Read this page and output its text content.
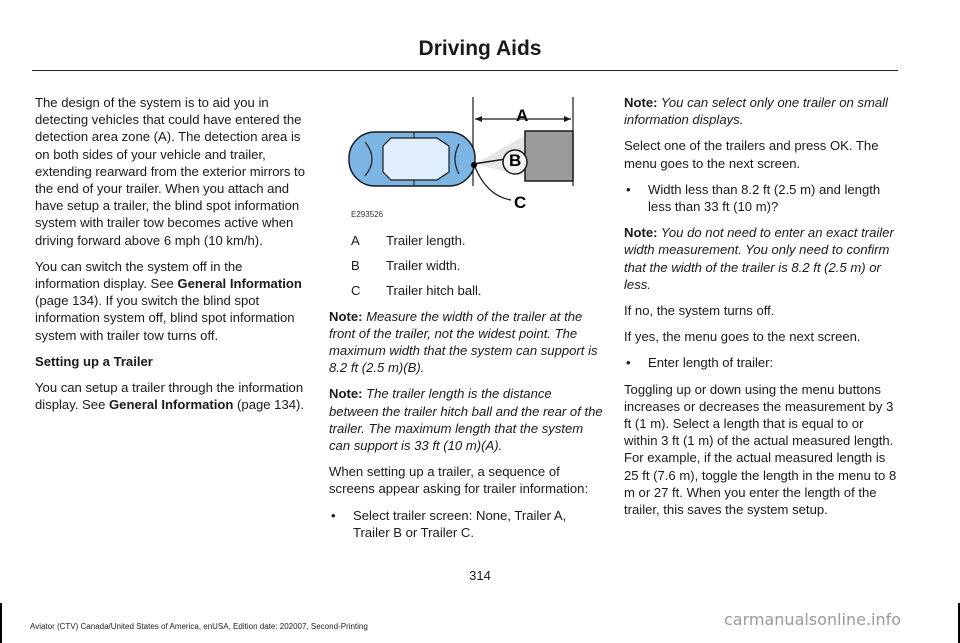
Driving Aids

The design of the system is to aid you in detecting vehicles that could have entered the detection area zone (A). The detection area is on both sides of your vehicle and trailer, extending rearward from the exterior mirrors to the end of your trailer. When you attach and have setup a trailer, the blind spot information system with trailer tow becomes active when driving forward above 6 mph (10 km/h).

You can switch the system off in the information display. See General Information (page 134). If you switch the blind spot information system off, blind spot information system with trailer tow turns off.

Setting up a Trailer

You can setup a trailer through the information display. See General Information (page 134).

A
B
C
E293526
A	Trailer length.
B	Trailer width.
C	Trailer hitch ball.

Note: Measure the width of the trailer at the front of the trailer, not the widest point. The maximum width that the system can support is 8.2 ft (2.5 m)(B).

Note: The trailer length is the distance between the trailer hitch ball and the rear of the trailer. The maximum length that the system can support is 33 ft (10 m)(A).

When setting up a trailer, a sequence of screens appear asking for trailer information:

•	Select trailer screen: None, Trailer A, Trailer B or Trailer C.

Note: You can select only one trailer on small information displays.

Select one of the trailers and press OK. The menu goes to the next screen.

•	Width less than 8.2 ft (2.5 m) and length less than 33 ft (10 m)?

Note: You do not need to enter an exact trailer width measurement. You only need to confirm that the width of the trailer is 8.2 ft (2.5 m) or less.

If no, the system turns off.

If yes, the menu goes to the next screen.

•	Enter length of trailer:

Toggling up or down using the menu buttons increases or decreases the measurement by 3 ft (1 m). Select a length that is equal to or within 3 ft (1 m) of the actual measured length. For example, if the actual measured length is 25 ft (7.6 m), toggle the length in the menu to 8 m or 27 ft. When you enter the length of the trailer, this saves the system setup.

314
Aviator (CTV) Canada/United States of America, enUSA, Edition date: 202007, Second-Printing	carmanualsonline.info
